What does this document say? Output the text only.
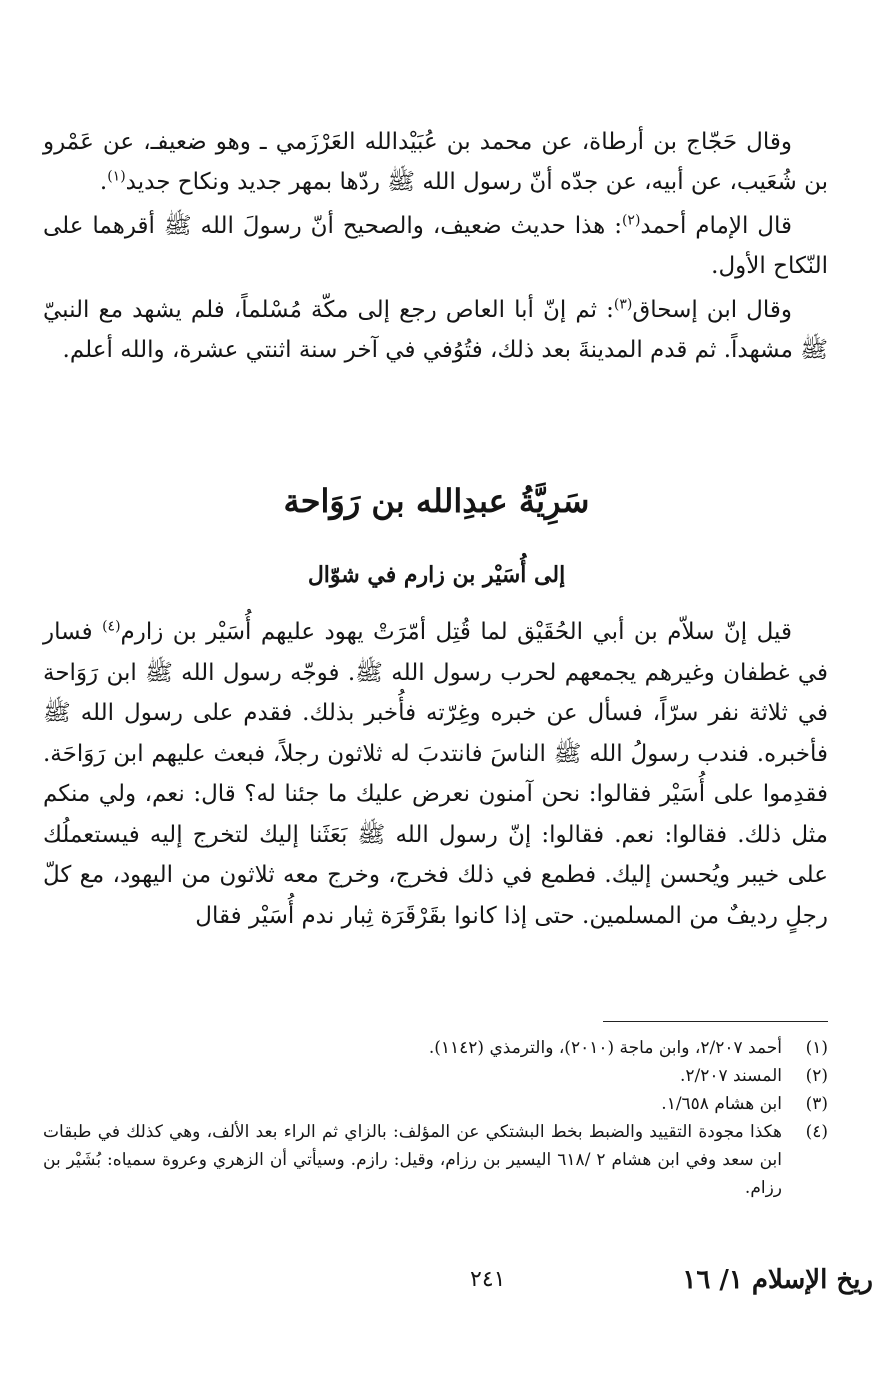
وقال حَجّاج بن أرطاة، عن محمد بن عُبَيْدالله العَرْزَمي ـ وهو ضعيفـ، عن عَمْرو بن شُعَيب، عن أبيه، عن جدّه أنّ رسول الله ﷺ ردّها بمهر جديد ونكاح جديد$^{(١)}$.

قال الإمام أحمد$^{(٢)}$: هذا حديث ضعيف، والصحيح أنّ رسولَ الله ﷺ أقرهما على النّكاح الأول.

وقال ابن إسحاق$^{(٣)}$: ثم إنّ أبا العاص رجع إلى مكّة مُسْلماً، فلم يشهد مع النبيّ ﷺ مشهداً. ثم قدم المدينةَ بعد ذلك، فتُوُفي في آخر سنة اثنتي عشرة، والله أعلم.

سَرِيَّةُ عبدِالله بن رَوَاحة
إلى أُسَيْر بن زارم في شوّال

قيل إنّ سلاّم بن أبي الحُقَيْق لما قُتِل أمّرَتْ يهود عليهم أُسَيْر بن زارم$^{(٤)}$ فسار في غطفان وغيرهم يجمعهم لحرب رسول الله ﷺ. فوجّه رسول الله ﷺ ابن رَوَاحة في ثلاثة نفر سرّاً، فسأل عن خبره وغِرّته فأُخبر بذلك. فقدم على رسول الله ﷺ فأخبره. فندب رسولُ الله ﷺ الناسَ فانتدبَ له ثلاثون رجلاً، فبعث عليهم ابن رَوَاحَة. فقدِموا على أُسَيْر فقالوا: نحن آمنون نعرض عليك ما جئنا له؟ قال: نعم، ولي منكم مثل ذلك. فقالوا: نعم. فقالوا: إنّ رسول الله ﷺ بَعَثَنا إليك لتخرج إليه فيستعملُك على خيبر ويُحسن إليك. فطمع في ذلك فخرج، وخرج معه ثلاثون من اليهود، مع كلّ رجلٍ رديفٌ من المسلمين. حتى إذا كانوا بقَرْقَرَة ثِبار ندم أُسَيْر فقال

(١)
أحمد ٢/٢٠٧، وابن ماجة (٢٠١٠)، والترمذي (١١٤٢).
(٢)
المسند ٢/٢٠٧.
(٣)
ابن هشام ١/٦٥٨.
(٤)
هكذا مجودة التقييد والضبط بخط البشتكي عن المؤلف: بالزاي ثم الراء بعد الألف، وهي كذلك في طبقات ابن سعد وفي ابن هشام ٢ /٦١٨ اليسير بن رزام، وقيل: رازم. وسيأتي أن الزهري وعروة سمياه: بُشَيْر بن رزام.
ريخ الإسلام ١/ ١٦
٢٤١
